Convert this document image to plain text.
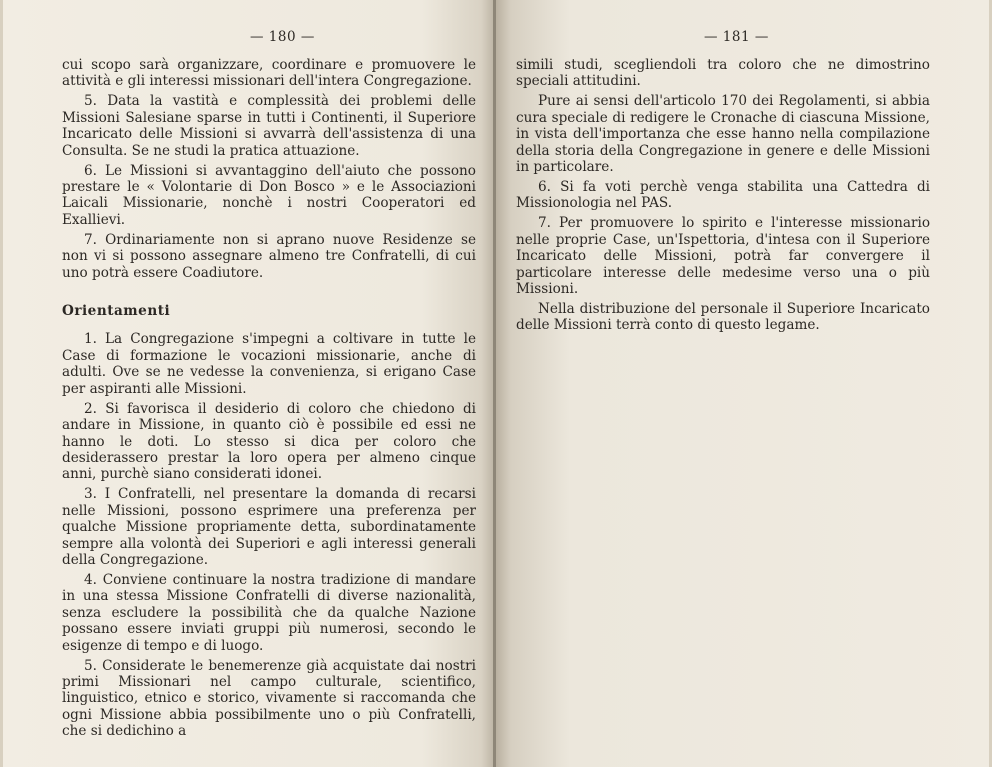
— 180 —

cui scopo sarà organizzare, coordinare e promuovere le attività e gli interessi missionari dell'intera Congregazione.

5. Data la vastità e complessità dei problemi delle Missioni Salesiane sparse in tutti i Continenti, il Superiore Incaricato delle Missioni si avvarrà dell'assistenza di una Consulta. Se ne studi la pratica attuazione.

6. Le Missioni si avvantaggino dell'aiuto che possono prestare le « Volontarie di Don Bosco » e le Associazioni Laicali Missionarie, nonchè i nostri Cooperatori ed Exallievi.

7. Ordinariamente non si aprano nuove Residenze se non vi si possono assegnare almeno tre Confratelli, di cui uno potrà essere Coadiutore.

Orientamenti

1. La Congregazione s'impegni a coltivare in tutte le Case di formazione le vocazioni missionarie, anche di adulti. Ove se ne vedesse la convenienza, si erigano Case per aspiranti alle Missioni.

2. Si favorisca il desiderio di coloro che chiedono di andare in Missione, in quanto ciò è possibile ed essi ne hanno le doti. Lo stesso si dica per coloro che desiderassero prestar la loro opera per almeno cinque anni, purchè siano considerati idonei.

3. I Confratelli, nel presentare la domanda di recarsi nelle Missioni, possono esprimere una preferenza per qualche Missione propriamente detta, subordinatamente sempre alla volontà dei Superiori e agli interessi generali della Congregazione.

4. Conviene continuare la nostra tradizione di mandare in una stessa Missione Confratelli di diverse nazionalità, senza escludere la possibilità che da qualche Nazione possano essere inviati gruppi più numerosi, secondo le esigenze di tempo e di luogo.

5. Considerate le benemerenze già acquistate dai nostri primi Missionari nel campo culturale, scientifico, linguistico, etnico e storico, vivamente si raccomanda che ogni Missione abbia possibilmente uno o più Confratelli, che si dedichino a

— 181 —

simili studi, scegliendoli tra coloro che ne dimostrino speciali attitudini.

Pure ai sensi dell'articolo 170 dei Regolamenti, si abbia cura speciale di redigere le Cronache di ciascuna Missione, in vista dell'importanza che esse hanno nella compilazione della storia della Congregazione in genere e delle Missioni in particolare.

6. Si fa voti perchè venga stabilita una Cattedra di Missionologia nel PAS.

7. Per promuovere lo spirito e l'interesse missionario nelle proprie Case, un'Ispettoria, d'intesa con il Superiore Incaricato delle Missioni, potrà far convergere il particolare interesse delle medesime verso una o più Missioni.

Nella distribuzione del personale il Superiore Incaricato delle Missioni terrà conto di questo legame.
